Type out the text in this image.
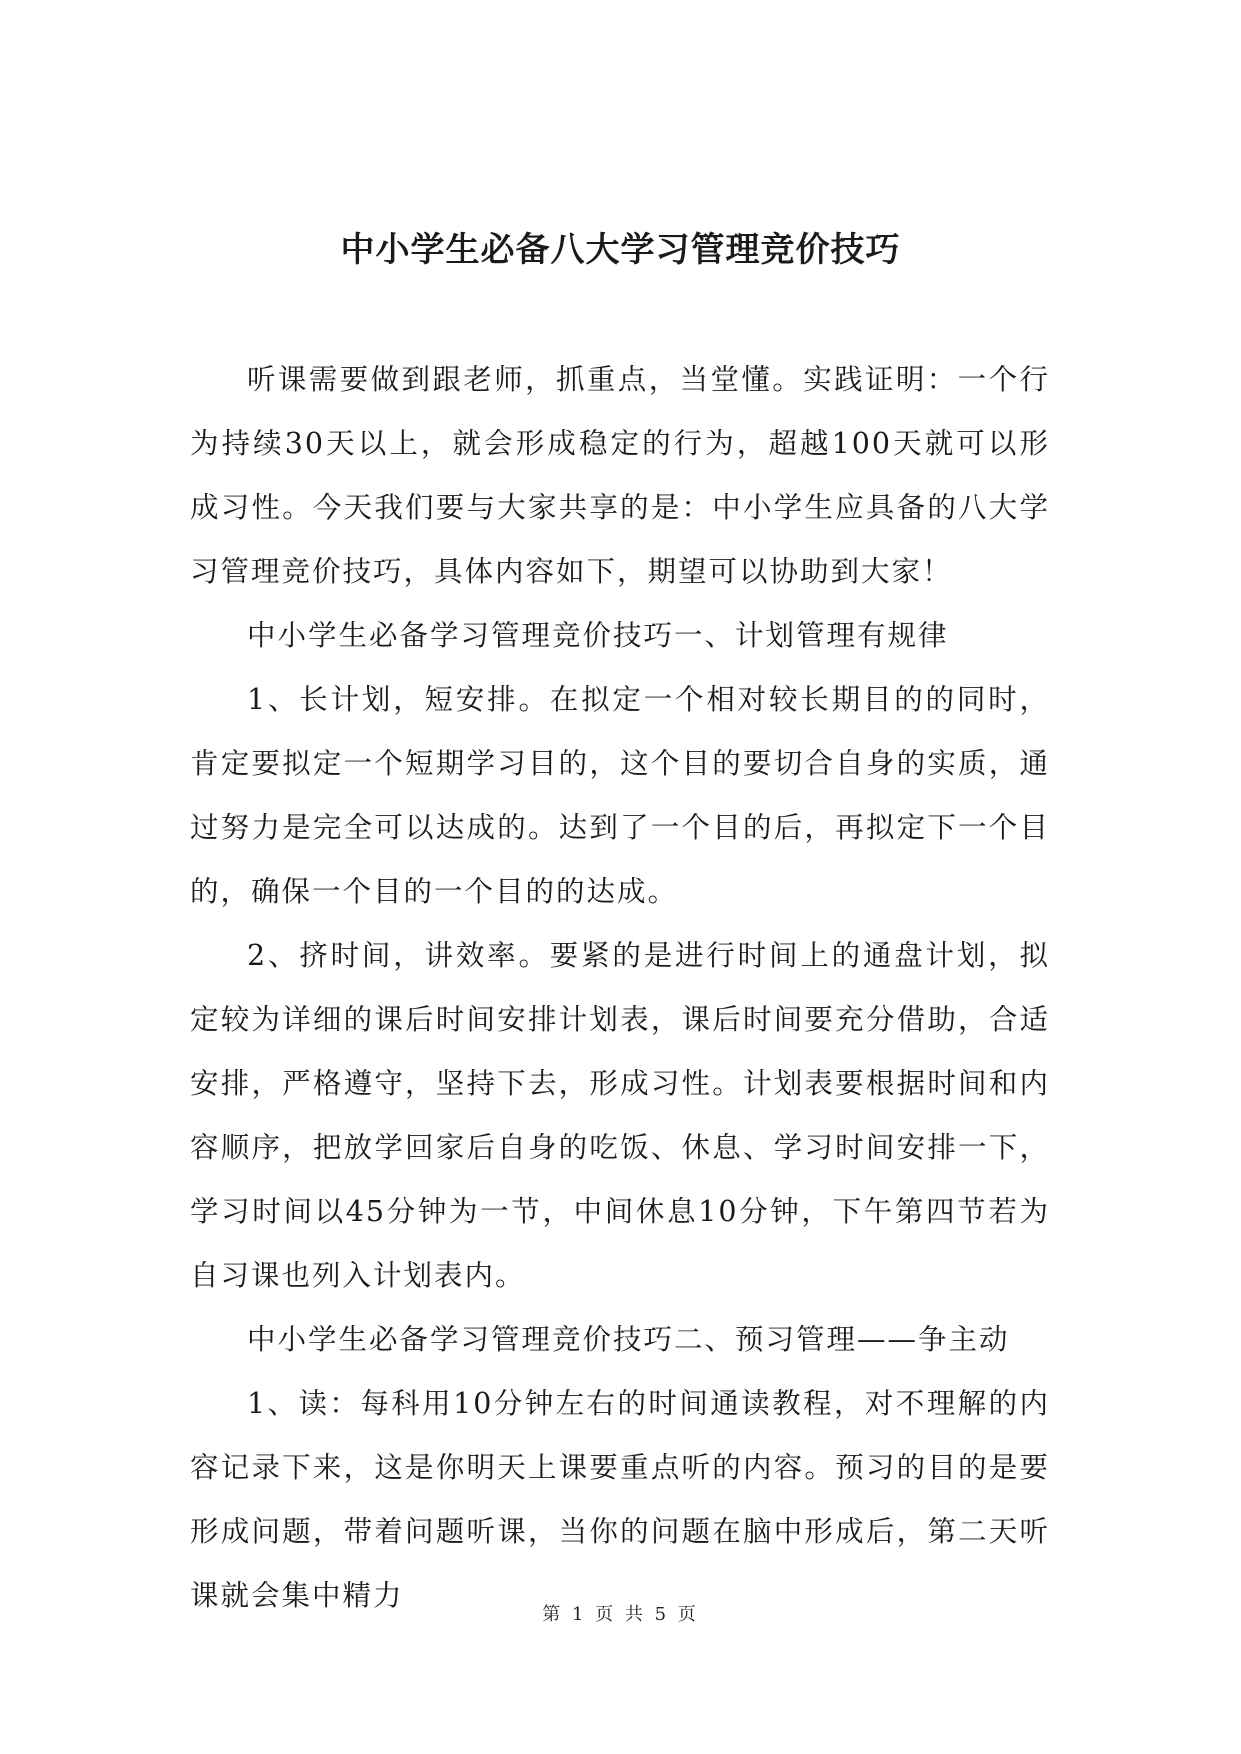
中小学生必备八大学习管理竞价技巧

听课需要做到跟老师，抓重点，当堂懂。实践证明：一个行为持续30天以上，就会形成稳定的行为，超越100天就可以形成习性。今天我们要与大家共享的是：中小学生应具备的八大学习管理竞价技巧，具体内容如下，期望可以协助到大家！

中小学生必备学习管理竞价技巧一、计划管理有规律

1、长计划，短安排。在拟定一个相对较长期目的的同时，肯定要拟定一个短期学习目的，这个目的要切合自身的实质，通过努力是完全可以达成的。达到了一个目的后，再拟定下一个目的，确保一个目的一个目的的达成。

2、挤时间，讲效率。要紧的是进行时间上的通盘计划，拟定较为详细的课后时间安排计划表，课后时间要充分借助，合适安排，严格遵守，坚持下去，形成习性。计划表要根据时间和内容顺序，把放学回家后自身的吃饭、休息、学习时间安排一下，学习时间以45分钟为一节，中间休息10分钟，下午第四节若为自习课也列入计划表内。

中小学生必备学习管理竞价技巧二、预习管理——争主动

1、读：每科用10分钟左右的时间通读教程，对不理解的内容记录下来，这是你明天上课要重点听的内容。预习的目的是要形成问题，带着问题听课，当你的问题在脑中形成后，第二天听课就会集中精力

第 1 页 共 5 页
